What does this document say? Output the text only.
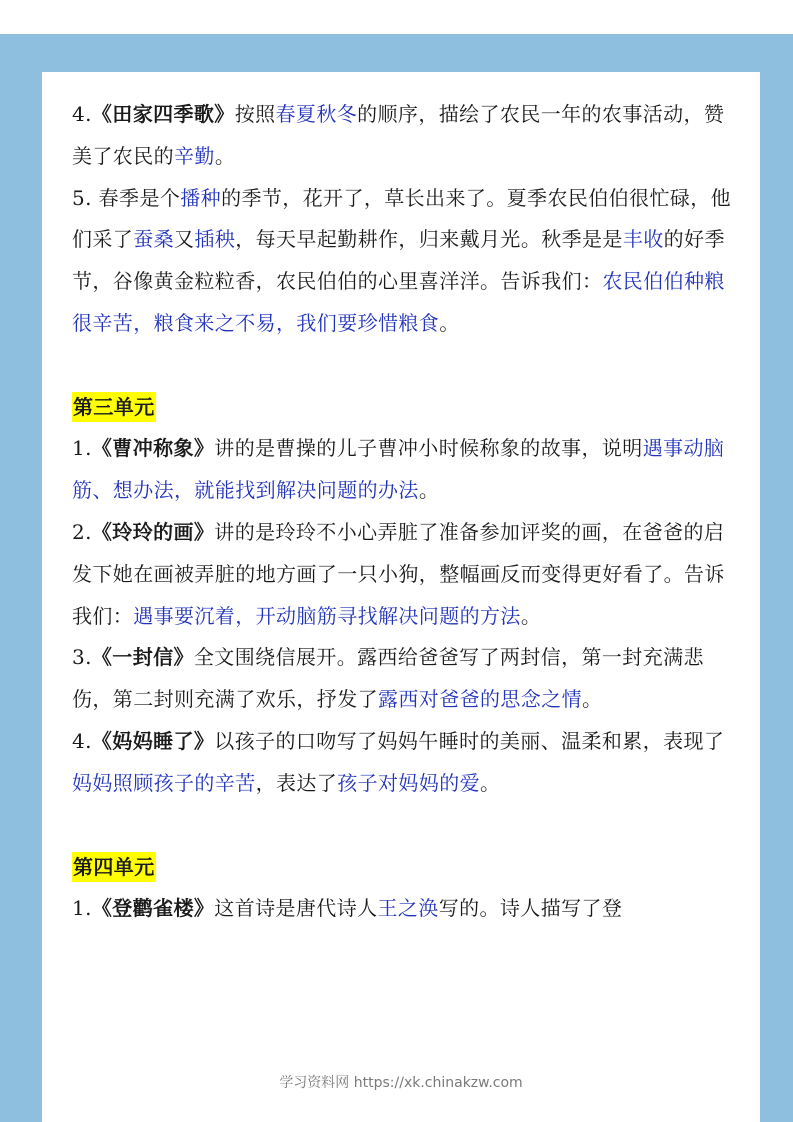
4.《田家四季歌》按照春夏秋冬的顺序，描绘了农民一年的农事活动，赞美了农民的辛勤。

5. 春季是个播种的季节，花开了，草长出来了。夏季农民伯伯很忙碌，他们采了蚕桑又插秧，每天早起勤耕作，归来戴月光。秋季是是丰收的好季节，谷像黄金粒粒香，农民伯伯的心里喜洋洋。告诉我们：农民伯伯种粮很辛苦，粮食来之不易，我们要珍惜粮食。

第三单元

1.《曹冲称象》讲的是曹操的儿子曹冲小时候称象的故事，说明遇事动脑筋、想办法，就能找到解决问题的办法。

2.《玲玲的画》讲的是玲玲不小心弄脏了准备参加评奖的画，在爸爸的启发下她在画被弄脏的地方画了一只小狗，整幅画反而变得更好看了。告诉我们：遇事要沉着，开动脑筋寻找解决问题的方法。

3.《一封信》全文围绕信展开。露西给爸爸写了两封信，第一封充满悲伤，第二封则充满了欢乐，抒发了露西对爸爸的思念之情。

4.《妈妈睡了》以孩子的口吻写了妈妈午睡时的美丽、温柔和累，表现了妈妈照顾孩子的辛苦，表达了孩子对妈妈的爱。

第四单元

1.《登鹳雀楼》这首诗是唐代诗人王之涣写的。诗人描写了登

学习资料网 https://xk.chinakzw.com
